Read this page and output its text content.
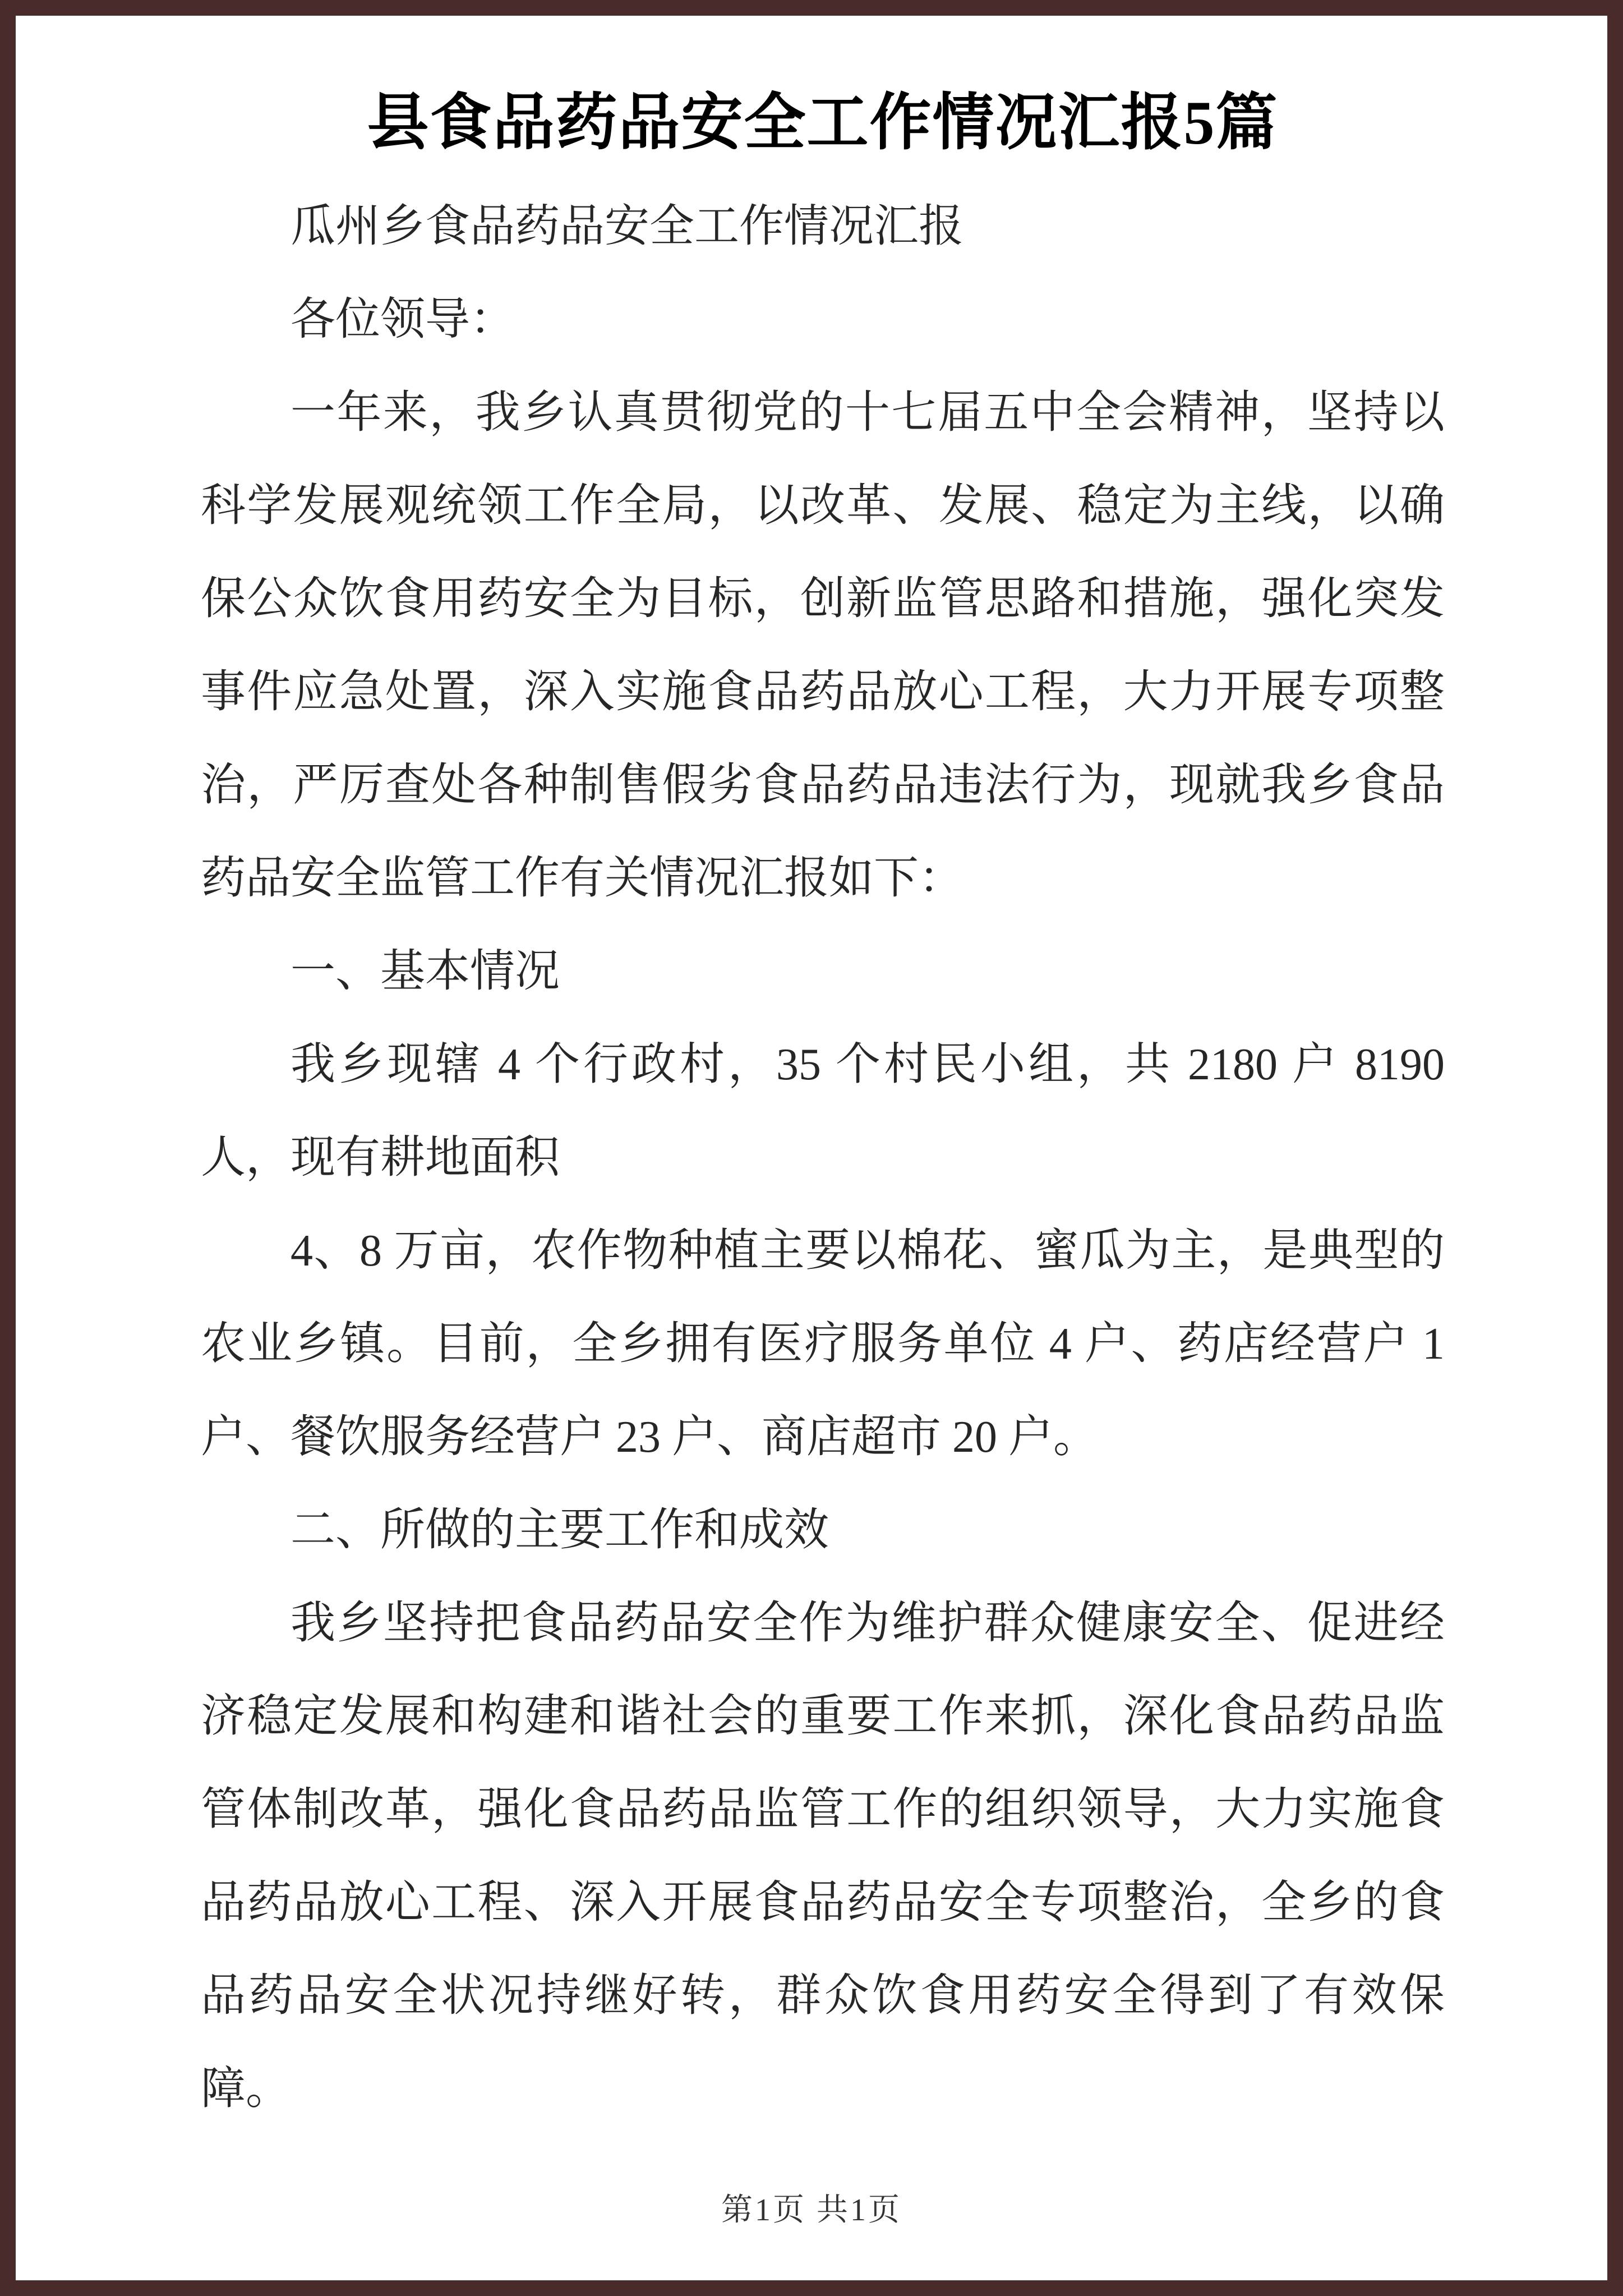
县食品药品安全工作情况汇报5篇

瓜州乡食品药品安全工作情况汇报

各位领导：

一年来，我乡认真贯彻党的十七届五中全会精神，坚持以科学发展观统领工作全局，以改革、发展、稳定为主线，以确保公众饮食用药安全为目标，创新监管思路和措施，强化突发事件应急处置，深入实施食品药品放心工程，大力开展专项整治，严厉查处各种制售假劣食品药品违法行为，现就我乡食品药品安全监管工作有关情况汇报如下：

一、基本情况

我乡现辖 4 个行政村，35 个村民小组，共 2180 户 8190 人，现有耕地面积

4、8 万亩，农作物种植主要以棉花、蜜瓜为主，是典型的农业乡镇。目前，全乡拥有医疗服务单位 4 户、药店经营户 1 户、餐饮服务经营户 23 户、商店超市 20 户。

二、所做的主要工作和成效

我乡坚持把食品药品安全作为维护群众健康安全、促进经济稳定发展和构建和谐社会的重要工作来抓，深化食品药品监管体制改革，强化食品药品监管工作的组织领导，大力实施食品药品放心工程、深入开展食品药品安全专项整治，全乡的食品药品安全状况持继好转，群众饮食用药安全得到了有效保障。

第1页 共1页
